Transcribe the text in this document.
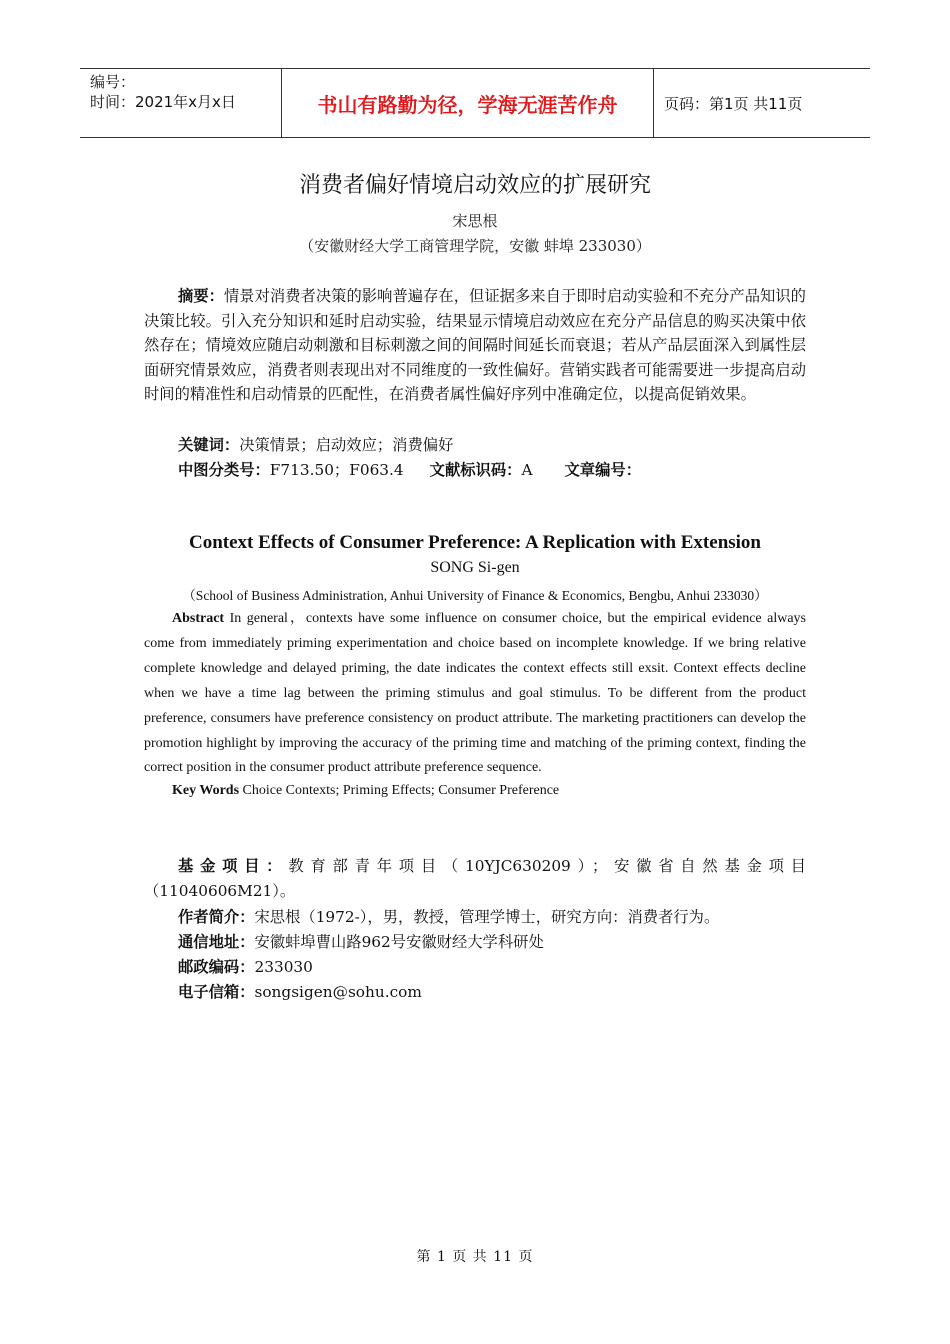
编号：
时间：2021年x月x日	书山有路勤为径，学海无涯苦作舟	页码：第1页 共11页
消费者偏好情境启动效应的扩展研究
宋思根
（安徽财经大学工商管理学院，安徽 蚌埠 233030）
摘要：情景对消费者决策的影响普遍存在，但证据多来自于即时启动实验和不充分产品知识的决策比较。引入充分知识和延时启动实验，结果显示情境启动效应在充分产品信息的购买决策中依然存在；情境效应随启动刺激和目标刺激之间的间隔时间延长而衰退；若从产品层面深入到属性层面研究情景效应，消费者则表现出对不同维度的一致性偏好。营销实践者可能需要进一步提高启动时间的精准性和启动情景的匹配性，在消费者属性偏好序列中准确定位，以提高促销效果。
关键词：决策情景；启动效应；消费偏好
中图分类号：F713.50；F063.4 文献标识码：A 文章编号：
Context Effects of Consumer Preference: A Replication with Extension
SONG Si-gen
（School of Business Administration, Anhui University of Finance & Economics, Bengbu, Anhui 233030）
Abstract In general，contexts have some influence on consumer choice, but the empirical evidence always come from immediately priming experimentation and choice based on incomplete knowledge. If we bring relative complete knowledge and delayed priming, the date indicates the context effects still exsit. Context effects decline when we have a time lag between the priming stimulus and goal stimulus. To be different from the product preference, consumers have preference consistency on product attribute. The marketing practitioners can develop the promotion highlight by improving the accuracy of the priming time and matching of the priming context, finding the correct position in the consumer product attribute preference sequence.
Key Words Choice Contexts; Priming Effects; Consumer Preference
基金项目：教育部青年项目（10YJC630209）；安徽省自然基金项目
（11040606M21）。
作者简介：宋思根（1972-），男，教授，管理学博士，研究方向：消费者行为。
通信地址：安徽蚌埠曹山路962号安徽财经大学科研处
邮政编码：233030
电子信箱：songsigen@sohu.com
第 1 页 共 11 页
